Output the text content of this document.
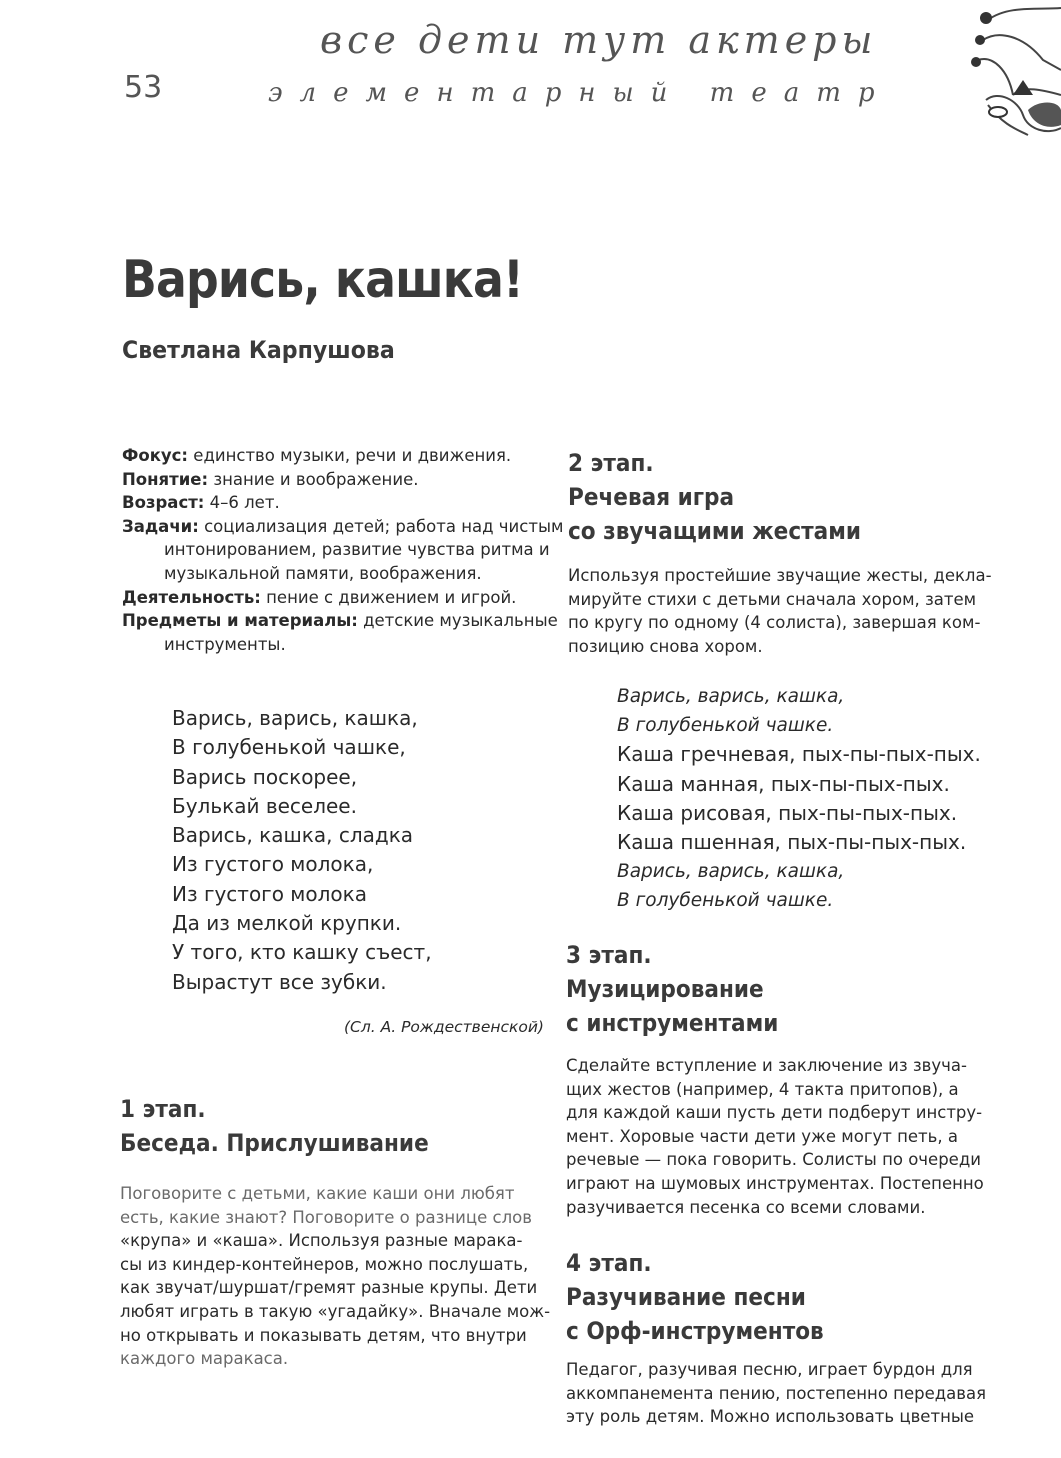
все дети тут актеры
элементарный театр
53
Варись, кашка!
Светлана Карпушова
Фокус: единство музыки, речи и движения.
Понятие: знание и воображение.
Возраст: 4–6 лет.
Задачи: социализация детей; работа над чистым
интонированием, развитие чувства ритма и
музыкальной памяти, воображения.
Деятельность: пение с движением и игрой.
Предметы и материалы: детские музыкальные
инструменты.
Варись, варись, кашка,
В голубенькой чашке,
Варись поскорее,
Булькай веселее.
Варись, кашка, сладка
Из густого молока,
Из густого молока
Да из мелкой крупки.
У того, кто кашку съест,
Вырастут все зубки.
(Сл. А. Рождественской)
1 этап.
Беседа. Прислушивание
Поговорите с детьми, какие каши они любят
есть, какие знают? Поговорите о разнице слов
«крупа» и «каша». Используя разные марака-
сы из киндер-контейнеров, можно послушать,
как звучат/шуршат/гремят разные крупы. Дети
любят играть в такую «угадайку». Вначале мож-
но открывать и показывать детям, что внутри
каждого маракаса.
2 этап.
Речевая игра
со звучащими жестами
Используя простейшие звучащие жесты, декла-
мируйте стихи с детьми сначала хором, затем
по кругу по одному (4 солиста), завершая ком-
позицию снова хором.
Варись, варись, кашка,
В голубенькой чашке.
Каша гречневая, пых-пы-пых-пых.
Каша манная, пых-пы-пых-пых.
Каша рисовая, пых-пы-пых-пых.
Каша пшенная, пых-пы-пых-пых.
Варись, варись, кашка,
В голубенькой чашке.
3 этап.
Музицирование
с инструментами
Сделайте вступление и заключение из звуча-
щих жестов (например, 4 такта притопов), а
для каждой каши пусть дети подберут инстру-
мент. Хоровые части дети уже могут петь, а
речевые — пока говорить. Солисты по очереди
играют на шумовых инструментах. Постепенно
разучивается песенка со всеми словами.
4 этап.
Разучивание песни
с Орф-инструментов
Педагог, разучивая песню, играет бурдон для
аккомпанемента пению, постепенно передавая
эту роль детям. Можно использовать цветные
